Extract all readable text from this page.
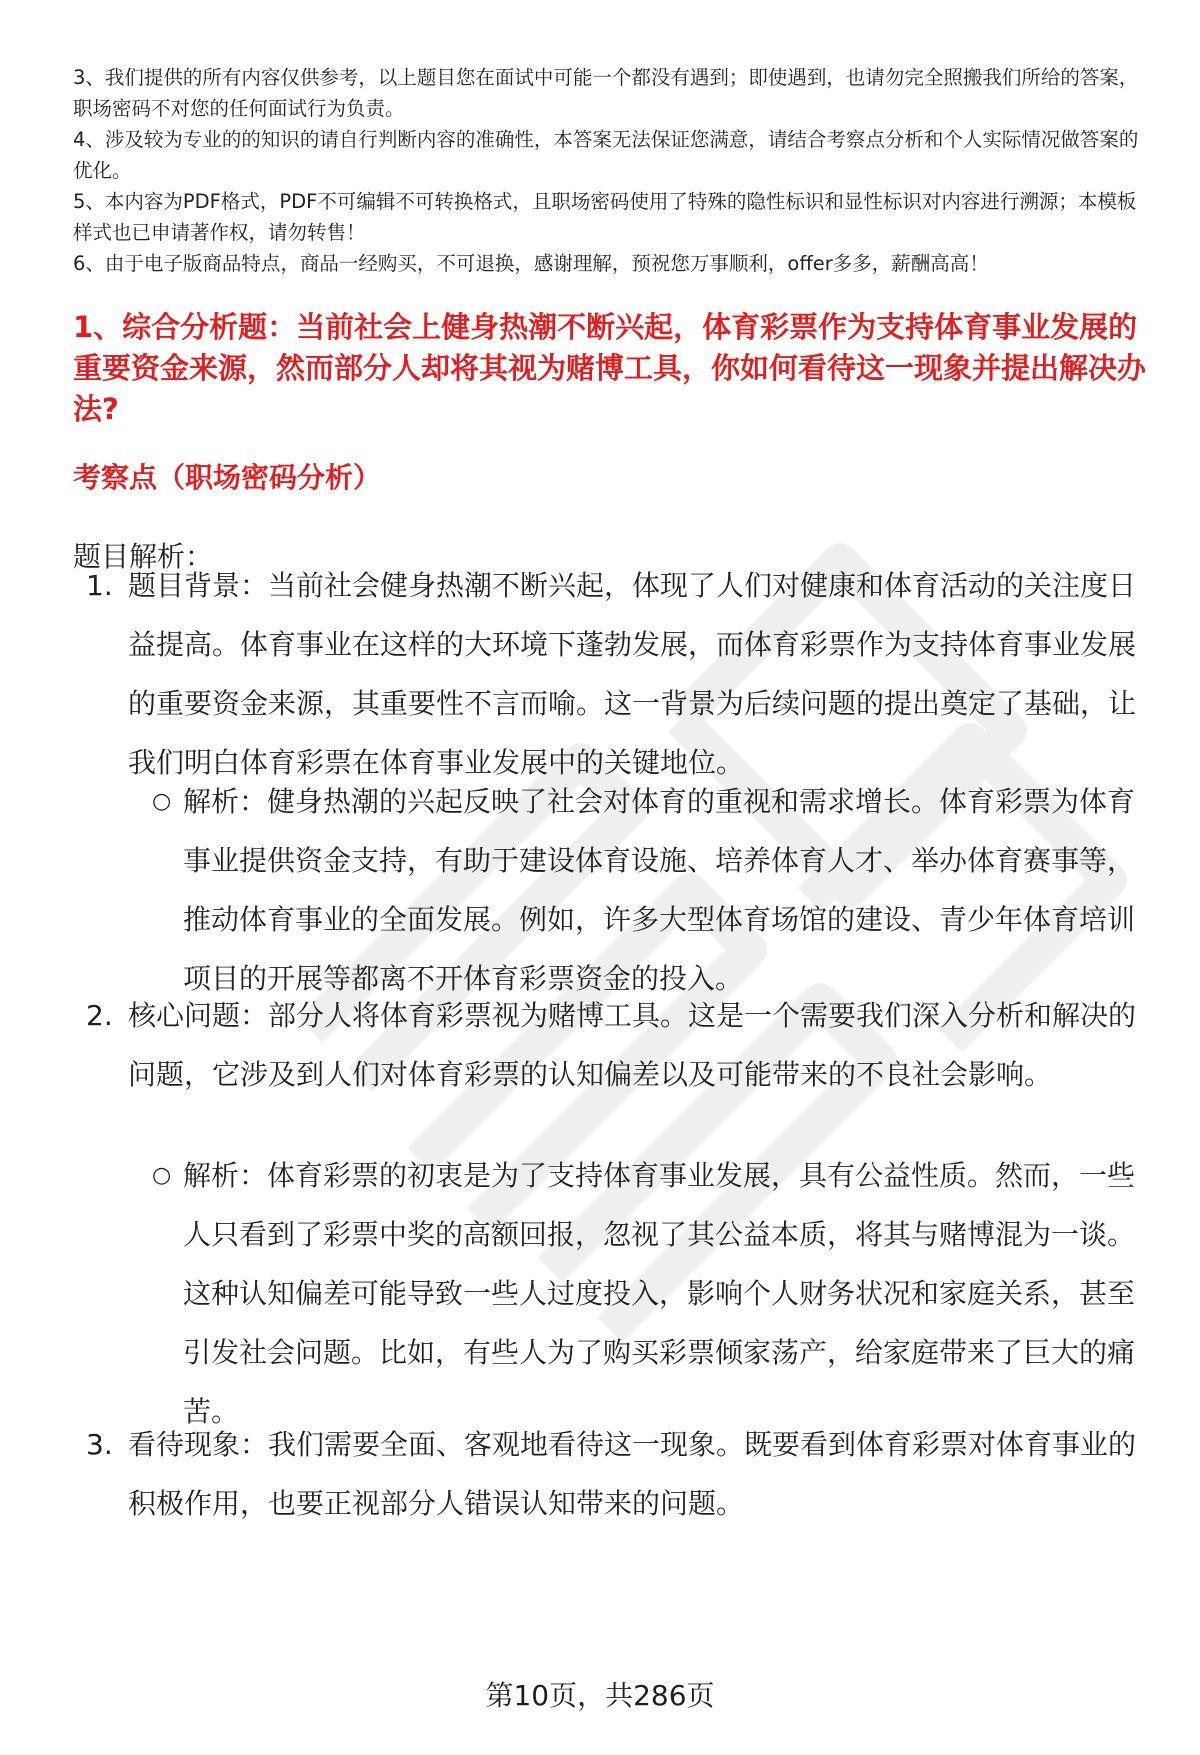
3、我们提供的所有内容仅供参考，以上题目您在面试中可能一个都没有遇到；即使遇到，也请勿完全照搬我们所给的答案，职场密码不对您的任何面试行为负责。

4、涉及较为专业的的知识的请自行判断内容的准确性，本答案无法保证您满意，请结合考察点分析和个人实际情况做答案的优化。

5、本内容为PDF格式，PDF不可编辑不可转换格式，且职场密码使用了特殊的隐性标识和显性标识对内容进行溯源；本模板样式也已申请著作权，请勿转售！

6、由于电子版商品特点，商品一经购买，不可退换，感谢理解，预祝您万事顺利，offer多多，薪酬高高！

1、综合分析题：当前社会上健身热潮不断兴起，体育彩票作为支持体育事业发展的重要资金来源，然而部分人却将其视为赌博工具，你如何看待这一现象并提出解决办法?
考察点（职场密码分析）

题目解析：

1. 题目背景：当前社会健身热潮不断兴起，体现了人们对健康和体育活动的关注度日益提高。体育事业在这样的大环境下蓬勃发展，而体育彩票作为支持体育事业发展的重要资金来源，其重要性不言而喻。这一背景为后续问题的提出奠定了基础，让我们明白体育彩票在体育事业发展中的关键地位。

○ 解析：健身热潮的兴起反映了社会对体育的重视和需求增长。体育彩票为体育事业提供资金支持，有助于建设体育设施、培养体育人才、举办体育赛事等，推动体育事业的全面发展。例如，许多大型体育场馆的建设、青少年体育培训项目的开展等都离不开体育彩票资金的投入。

2. 核心问题：部分人将体育彩票视为赌博工具。这是一个需要我们深入分析和解决的问题，它涉及到人们对体育彩票的认知偏差以及可能带来的不良社会影响。

○ 解析：体育彩票的初衷是为了支持体育事业发展，具有公益性质。然而，一些人只看到了彩票中奖的高额回报，忽视了其公益本质，将其与赌博混为一谈。这种认知偏差可能导致一些人过度投入，影响个人财务状况和家庭关系，甚至引发社会问题。比如，有些人为了购买彩票倾家荡产，给家庭带来了巨大的痛苦。

3. 看待现象：我们需要全面、客观地看待这一现象。既要看到体育彩票对体育事业的积极作用，也要正视部分人错误认知带来的问题。

第10页，共286页
